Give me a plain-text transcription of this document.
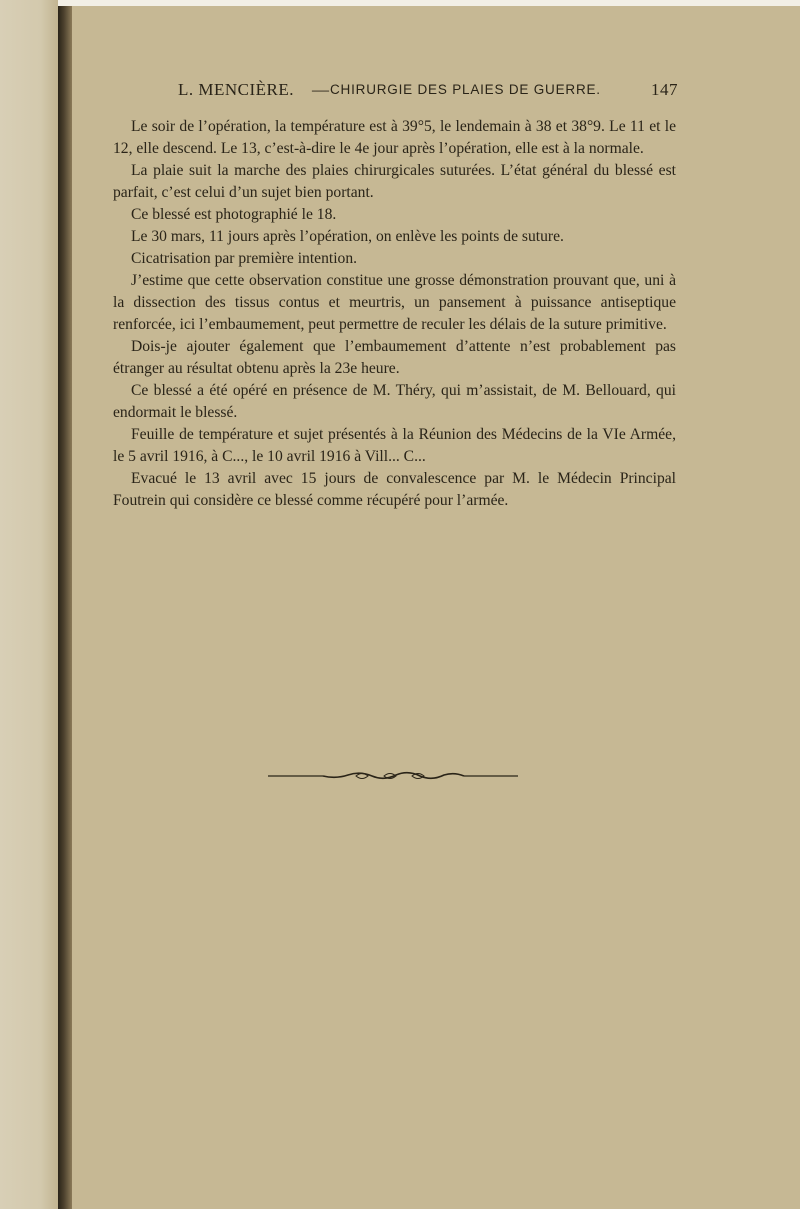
L. MENCIÈRE. — CHIRURGIE DES PLAIES DE GUERRE.	147

Le soir de l’opération, la température est à 39°5, le lendemain à 38 et 38°9. Le 11 et le 12, elle descend. Le 13, c’est-à-dire le 4e jour après l’opération, elle est à la normale.

La plaie suit la marche des plaies chirurgicales suturées. L’état général du blessé est parfait, c’est celui d’un sujet bien portant.

Ce blessé est photographié le 18.

Le 30 mars, 11 jours après l’opération, on enlève les points de suture.

Cicatrisation par première intention.

J’estime que cette observation constitue une grosse démonstration prouvant que, uni à la dissection des tissus contus et meurtris, un pansement à puissance antiseptique renforcée, ici l’embaumement, peut permettre de reculer les délais de la suture primitive.

Dois-je ajouter également que l’embaumement d’attente n’est probablement pas étranger au résultat obtenu après la 23e heure.

Ce blessé a été opéré en présence de M. Théry, qui m’assistait, de M. Bellouard, qui endormait le blessé.

Feuille de température et sujet présentés à la Réunion des Médecins de la VIe Armée, le 5 avril 1916, à C..., le 10 avril 1916 à Vill... C...

Evacué le 13 avril avec 15 jours de convalescence par M. le Médecin Principal Foutrein qui considère ce blessé comme récupéré pour l’armée.
